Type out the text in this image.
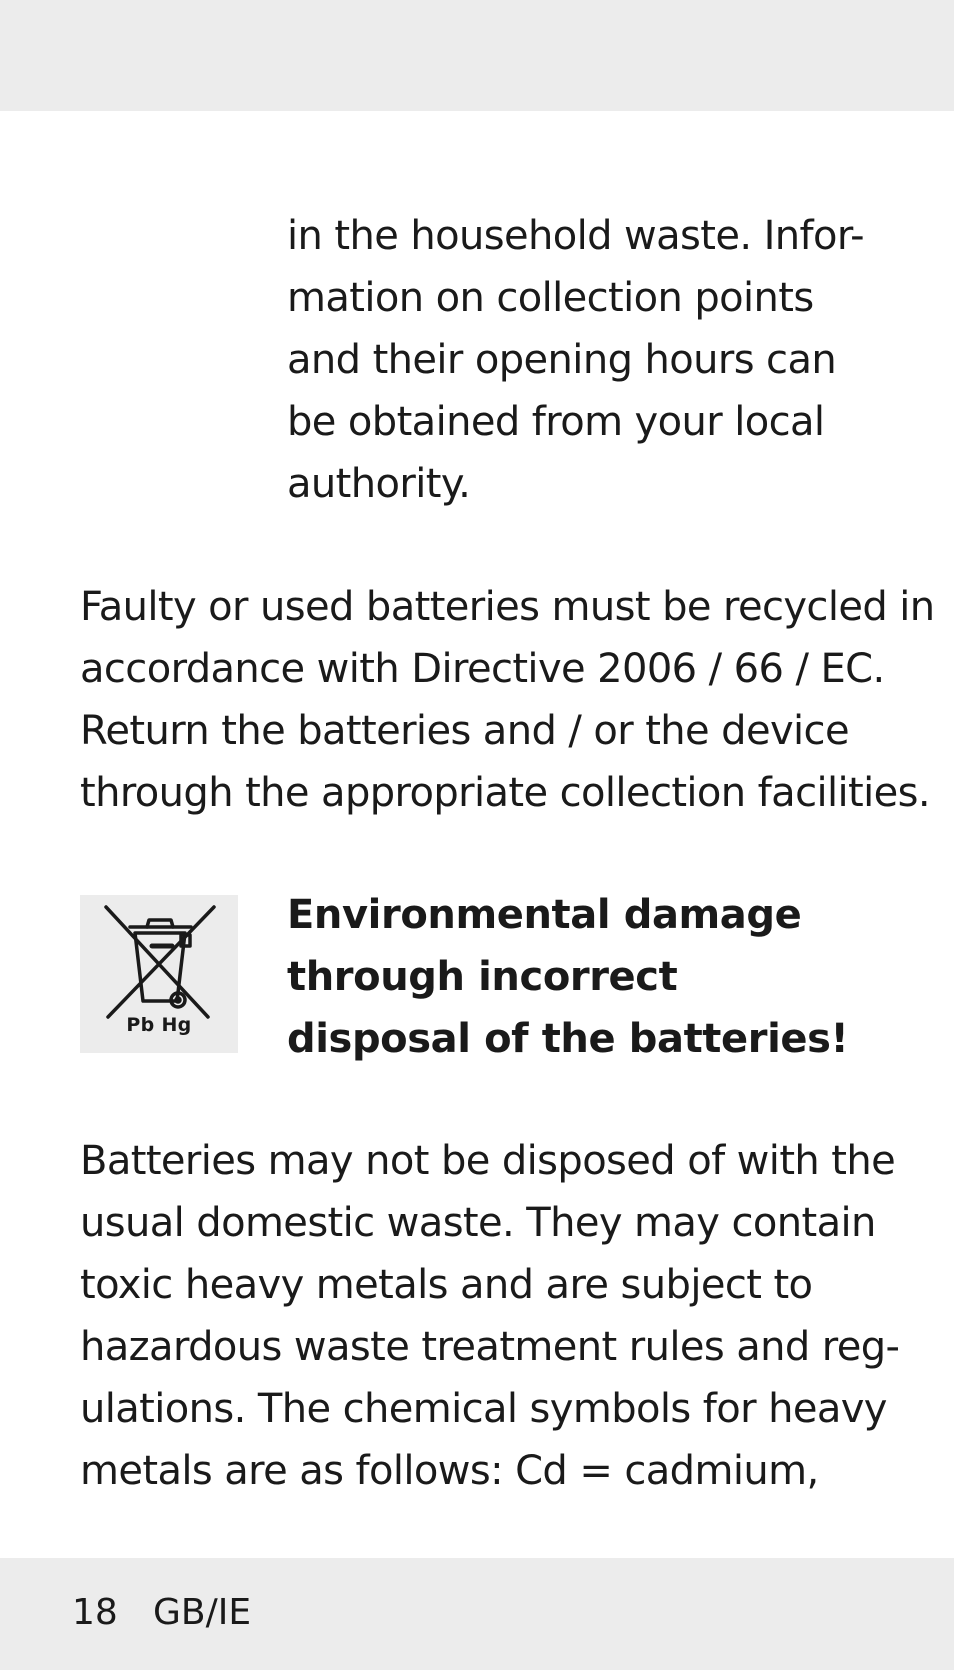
in the household waste. Infor-
mation on collection points
and their opening hours can
be obtained from your local
authority.
Faulty or used batteries must be recycled in
accordance with Directive 2006 / 66 / EC.
Return the batteries and / or the device
through the appropriate collection facilities.
Pb Hg
Environmental damage
through incorrect
disposal of the batteries!
Batteries may not be disposed of with the
usual domestic waste. They may contain
toxic heavy metals and are subject to
hazardous waste treatment rules and reg-
ulations. The chemical symbols for heavy
metals are as follows: Cd = cadmium,
18 GB/IE
